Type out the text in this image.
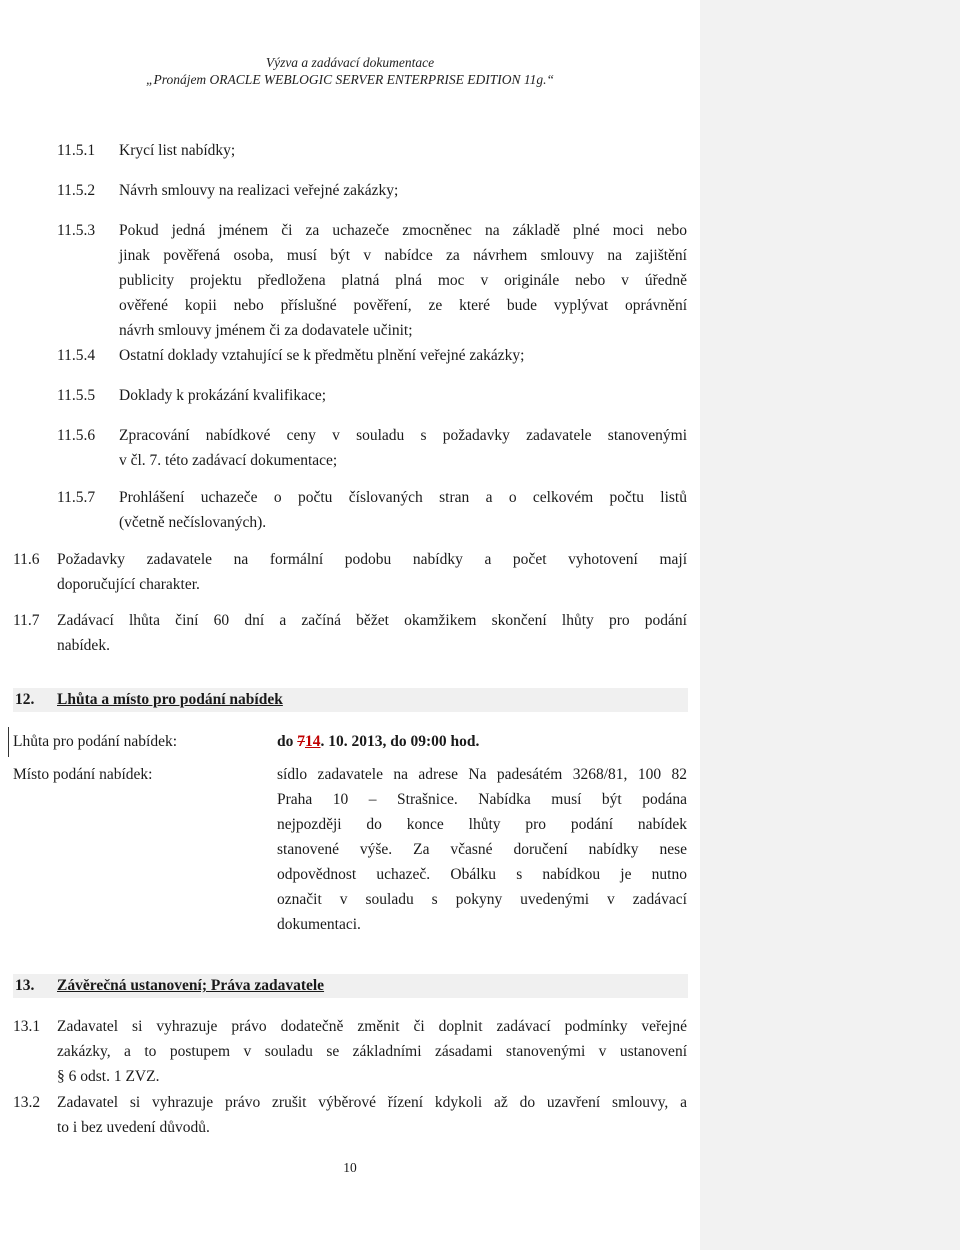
Výzva a zadávací dokumentace
„Pronájem ORACLE WEBLOGIC SERVER ENTERPRISE EDITION 11g.“
11.5.1 Krycí list nabídky;
11.5.2 Návrh smlouvy na realizaci veřejné zakázky;
11.5.3 Pokud jedná jménem či za uchazeče zmocněnec na základě plné moci nebo
jinak pověřená osoba, musí být v nabídce za návrhem smlouvy na zajištění
publicity projektu předložena platná plná moc v originále nebo v úředně
ověřené kopii nebo příslušné pověření, ze které bude vyplývat oprávnění
návrh smlouvy jménem či za dodavatele učinit;
11.5.4 Ostatní doklady vztahující se k předmětu plnění veřejné zakázky;
11.5.5 Doklady k prokázání kvalifikace;
11.5.6 Zpracování nabídkové ceny v souladu s požadavky zadavatele stanovenými
v čl. 7. této zadávací dokumentace;
11.5.7 Prohlášení uchazeče o počtu číslovaných stran a o celkovém počtu listů
(včetně nečíslovaných).
11.6 Požadavky zadavatele na formální podobu nabídky a počet vyhotovení mají
doporučující charakter.
11.7 Zadávací lhůta činí 60 dní a začíná běžet okamžikem skončení lhůty pro podání
nabídek.
12. Lhůta a místo pro podání nabídek
Lhůta pro podání nabídek:	do 714. 10. 2013, do 09:00 hod.
Místo podání nabídek:	sídlo zadavatele na adrese Na padesátém 3268/81, 100 82
Praha 10 – Strašnice. Nabídka musí být podána
nejpozději do konce lhůty pro podání nabídek
stanovené výše. Za včasné doručení nabídky nese
odpovědnost uchazeč. Obálku s nabídkou je nutno
označit v souladu s pokyny uvedenými v zadávací
dokumentaci.
13. Závěrečná ustanovení; Práva zadavatele
13.1 Zadavatel si vyhrazuje právo dodatečně změnit či doplnit zadávací podmínky veřejné
zakázky, a to postupem v souladu se základními zásadami stanovenými v ustanovení
§ 6 odst. 1 ZVZ.
13.2 Zadavatel si vyhrazuje právo zrušit výběrové řízení kdykoli až do uzavření smlouvy, a
to i bez uvedení důvodů.
10
